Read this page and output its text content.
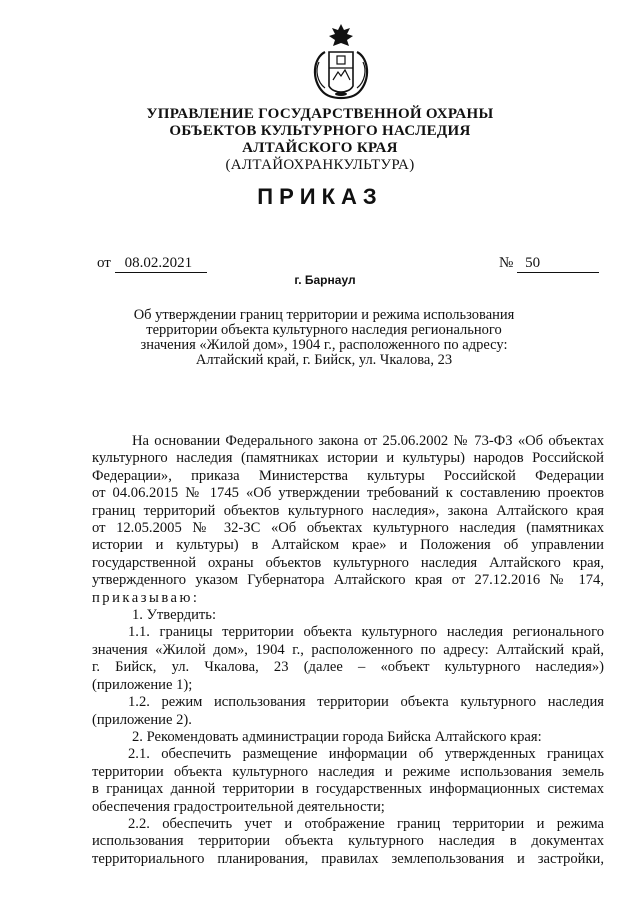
УПРАВЛЕНИЕ ГОСУДАРСТВЕННОЙ ОХРАНЫ
ОБЪЕКТОВ КУЛЬТУРНОГО НАСЛЕДИЯ
АЛТАЙСКОГО КРАЯ
(АЛТАЙОХРАНКУЛЬТУРА)
ПРИКАЗ
от 08.02.2021	№ 50
г. Барнаул
Об утверждении границ территории и режима использования
территории объекта культурного наследия регионального
значения «Жилой дом», 1904 г., расположенного по адресу:
Алтайский край, г. Бийск, ул. Чкалова, 23
На основании Федерального закона от 25.06.2002 № 73-ФЗ «Об объектах
культурного наследия (памятниках истории и культуры) народов Российской
Федерации», приказа Министерства культуры Российской Федерации
от 04.06.2015 № 1745 «Об утверждении требований к составлению проектов
границ территорий объектов культурного наследия», закона Алтайского края
от 12.05.2005 № 32-ЗС «Об объектах культурного наследия (памятниках
истории и культуры) в Алтайском крае» и Положения об управлении
государственной охраны объектов культурного наследия Алтайского края,
утвержденного указом Губернатора Алтайского края от 27.12.2016 № 174,
приказываю:
1. Утвердить:
1.1. границы территории объекта культурного наследия регионального
значения «Жилой дом», 1904 г., расположенного по адресу: Алтайский край,
г. Бийск, ул. Чкалова, 23 (далее – «объект культурного наследия»)
(приложение 1);
1.2. режим использования территории объекта культурного наследия
(приложение 2).
2. Рекомендовать администрации города Бийска Алтайского края:
2.1. обеспечить размещение информации об утвержденных границах
территории объекта культурного наследия и режиме использования земель
в границах данной территории в государственных информационных системах
обеспечения градостроительной деятельности;
2.2. обеспечить учет и отображение границ территории и режима
использования территории объекта культурного наследия в документах
территориального планирования, правилах землепользования и застройки,
